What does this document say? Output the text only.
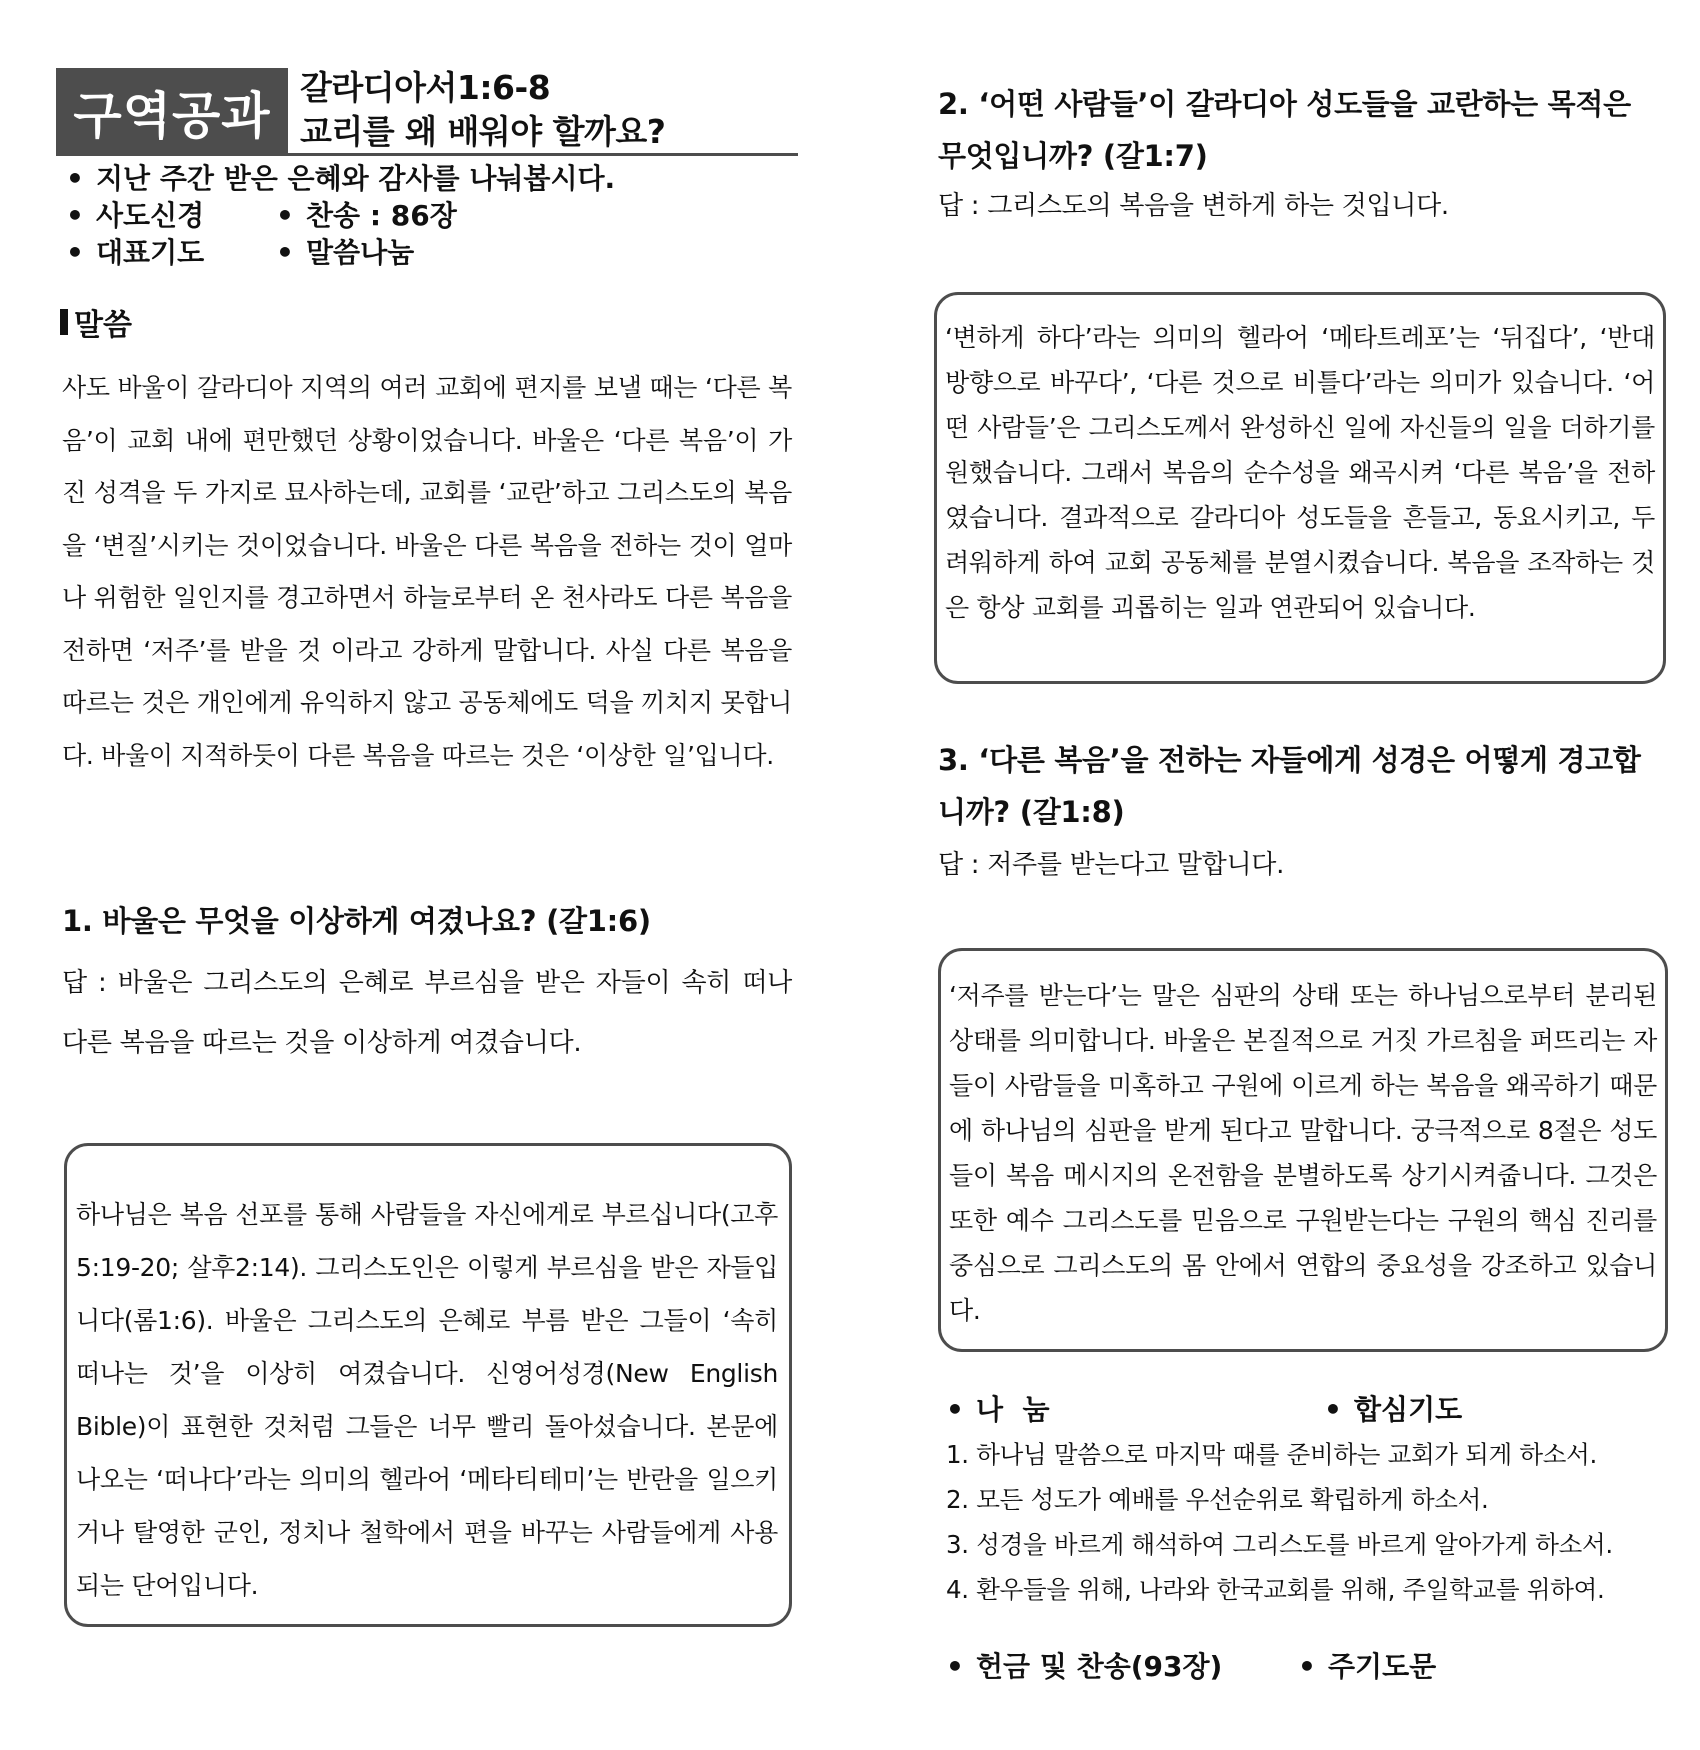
구역공과 갈라디아서1:6-8
교리를 왜 배워야 할까요?
• 지난 주간 받은 은혜와 감사를 나눠봅시다.
• 사도신경	• 찬송 : 86장
• 대표기도	• 말씀나눔
말씀
사도 바울이 갈라디아 지역의 여러 교회에 편지를 보낼 때는 ‘다른 복음’이 교회 내에 편만했던 상황이었습니다. 바울은 ‘다른 복음’이 가진 성격을 두 가지로 묘사하는데, 교회를 ‘교란’하고 그리스도의 복음을 ‘변질’시키는 것이었습니다. 바울은 다른 복음을 전하는 것이 얼마나 위험한 일인지를 경고하면서 하늘로부터 온 천사라도 다른 복음을 전하면 ‘저주’를 받을 것 이라고 강하게 말합니다. 사실 다른 복음을 따르는 것은 개인에게 유익하지 않고 공동체에도 덕을 끼치지 못합니다. 바울이 지적하듯이 다른 복음을 따르는 것은 ‘이상한 일’입니다.
1. 바울은 무엇을 이상하게 여겼나요? (갈1:6)
답 : 바울은 그리스도의 은혜로 부르심을 받은 자들이 속히 떠나 다른 복음을 따르는 것을 이상하게 여겼습니다.
하나님은 복음 선포를 통해 사람들을 자신에게로 부르십니다(고후5:19-20; 살후2:14). 그리스도인은 이렇게 부르심을 받은 자들입니다(롬1:6). 바울은 그리스도의 은혜로 부름 받은 그들이 ‘속히 떠나는 것’을 이상히 여겼습니다. 신영어성경(New English Bible)이 표현한 것처럼 그들은 너무 빨리 돌아섰습니다. 본문에 나오는 ‘떠나다’라는 의미의 헬라어 ‘메타티테미’는 반란을 일으키거나 탈영한 군인, 정치나 철학에서 편을 바꾸는 사람들에게 사용되는 단어입니다.
2. ‘어떤 사람들’이 갈라디아 성도들을 교란하는 목적은 무엇입니까? (갈1:7)
답 : 그리스도의 복음을 변하게 하는 것입니다.
‘변하게 하다’라는 의미의 헬라어 ‘메타트레포’는 ‘뒤집다’, ‘반대 방향으로 바꾸다’, ‘다른 것으로 비틀다’라는 의미가 있습니다. ‘어떤 사람들’은 그리스도께서 완성하신 일에 자신들의 일을 더하기를 원했습니다. 그래서 복음의 순수성을 왜곡시켜 ‘다른 복음’을 전하였습니다. 결과적으로 갈라디아 성도들을 흔들고, 동요시키고, 두려워하게 하여 교회 공동체를 분열시켰습니다. 복음을 조작하는 것은 항상 교회를 괴롭히는 일과 연관되어 있습니다.
3. ‘다른 복음’을 전하는 자들에게 성경은 어떻게 경고합니까? (갈1:8)
답 : 저주를 받는다고 말합니다.
‘저주를 받는다’는 말은 심판의 상태 또는 하나님으로부터 분리된 상태를 의미합니다. 바울은 본질적으로 거짓 가르침을 퍼뜨리는 자들이 사람들을 미혹하고 구원에 이르게 하는 복음을 왜곡하기 때문에 하나님의 심판을 받게 된다고 말합니다. 궁극적으로 8절은 성도들이 복음 메시지의 온전함을 분별하도록 상기시켜줍니다. 그것은 또한 예수 그리스도를 믿음으로 구원받는다는 구원의 핵심 진리를 중심으로 그리스도의 몸 안에서 연합의 중요성을 강조하고 있습니다.
• 나  눔	• 합심기도
1. 하나님 말씀으로 마지막 때를 준비하는 교회가 되게 하소서.
2. 모든 성도가 예배를 우선순위로 확립하게 하소서.
3. 성경을 바르게 해석하여 그리스도를 바르게 알아가게 하소서.
4. 환우들을 위해, 나라와 한국교회를 위해, 주일학교를 위하여.
• 헌금 및 찬송(93장)	• 주기도문
